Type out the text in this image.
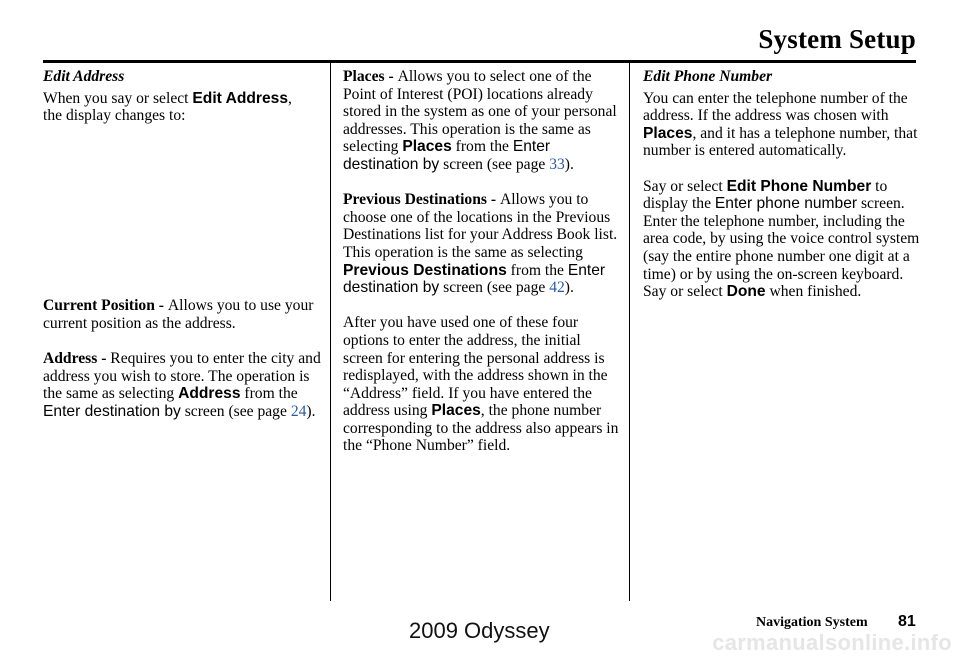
System Setup
Edit Address

When you say or select Edit Address,
the display changes to:

Current Position - Allows you to use your current position as the address.

Address - Requires you to enter the city and address you wish to store. The operation is the same as selecting Address from the Enter destination by screen (see page 24).

Places - Allows you to select one of the Point of Interest (POI) locations already stored in the system as one of your personal addresses. This operation is the same as selecting Places from the Enter destination by screen (see page 33).

Previous Destinations - Allows you to choose one of the locations in the Previous Destinations list for your Address Book list. This operation is the same as selecting Previous Destinations from the Enter destination by screen (see page 42).

After you have used one of these four options to enter the address, the initial screen for entering the personal address is redisplayed, with the address shown in the “Address” field. If you have entered the address using Places, the phone number corresponding to the address also appears in the “Phone Number” field.

Edit Phone Number

You can enter the telephone number of the address. If the address was chosen with Places, and it has a telephone number, that number is entered automatically.

Say or select Edit Phone Number to display the Enter phone number screen. Enter the telephone number, including the area code, by using the voice control system (say the entire phone number one digit at a time) or by using the on-screen keyboard. Say or select Done when finished.

Navigation System 81
2009 Odyssey	carmanualsonline.info
